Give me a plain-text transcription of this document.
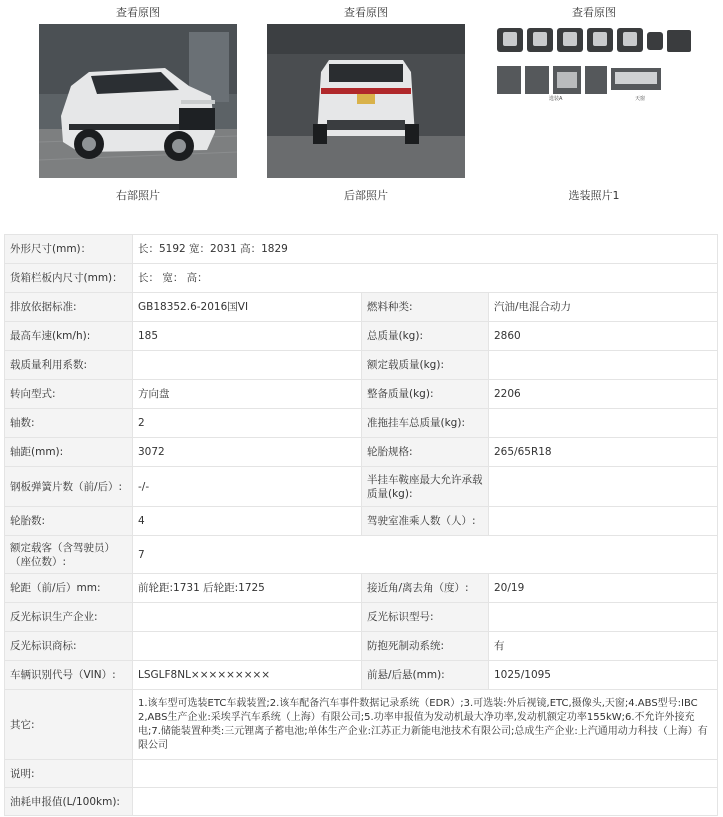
查看原图
右部照片
查看原图
后部照片
查看原图
选装A	天窗
选装照片1
外形尺寸(mm)：	长：5192 宽：2031 高：1829		
货箱栏板内尺寸(mm)：	长： 宽： 高：		
排放依据标准:	GB18352.6-2016国VI	燃料种类:	汽油/电混合动力
最高车速(km/h):	185	总质量(kg):	2860
载质量利用系数:		额定载质量(kg):	
转向型式:	方向盘	整备质量(kg):	2206
轴数:	2	准拖挂车总质量(kg):	
轴距(mm):	3072	轮胎规格:	265/65R18
钢板弹簧片数（前/后）:	-/-	半挂车鞍座最大允许承载质量(kg):	
轮胎数:	4	驾驶室准乘人数（人）:	
额定载客（含驾驶员）（座位数）:	7		
轮距（前/后）mm:	前轮距:1731 后轮距:1725	接近角/离去角（度）:	20/19
反光标识生产企业:		反光标识型号:	
反光标识商标:		防抱死制动系统:	有
车辆识别代号（VIN）:	LSGLF8NL×××××××××	前悬/后悬(mm):	1025/1095
其它:	1.该车型可选装ETC车载装置;2.该车配备汽车事件数据记录系统（EDR）;3.可选装:外后视镜,ETC,摄像头,天窗;4.ABS型号:IBC 2,ABS生产企业:采埃孚汽车系统（上海）有限公司;5.功率申报值为发动机最大净功率,发动机额定功率155kW;6.不允许外接充电;7.储能装置种类:三元锂离子蓄电池;单体生产企业:江苏正力新能电池技术有限公司;总成生产企业:上汽通用动力科技（上海）有限公司		
说明:			
油耗申报值(L/100km):			
